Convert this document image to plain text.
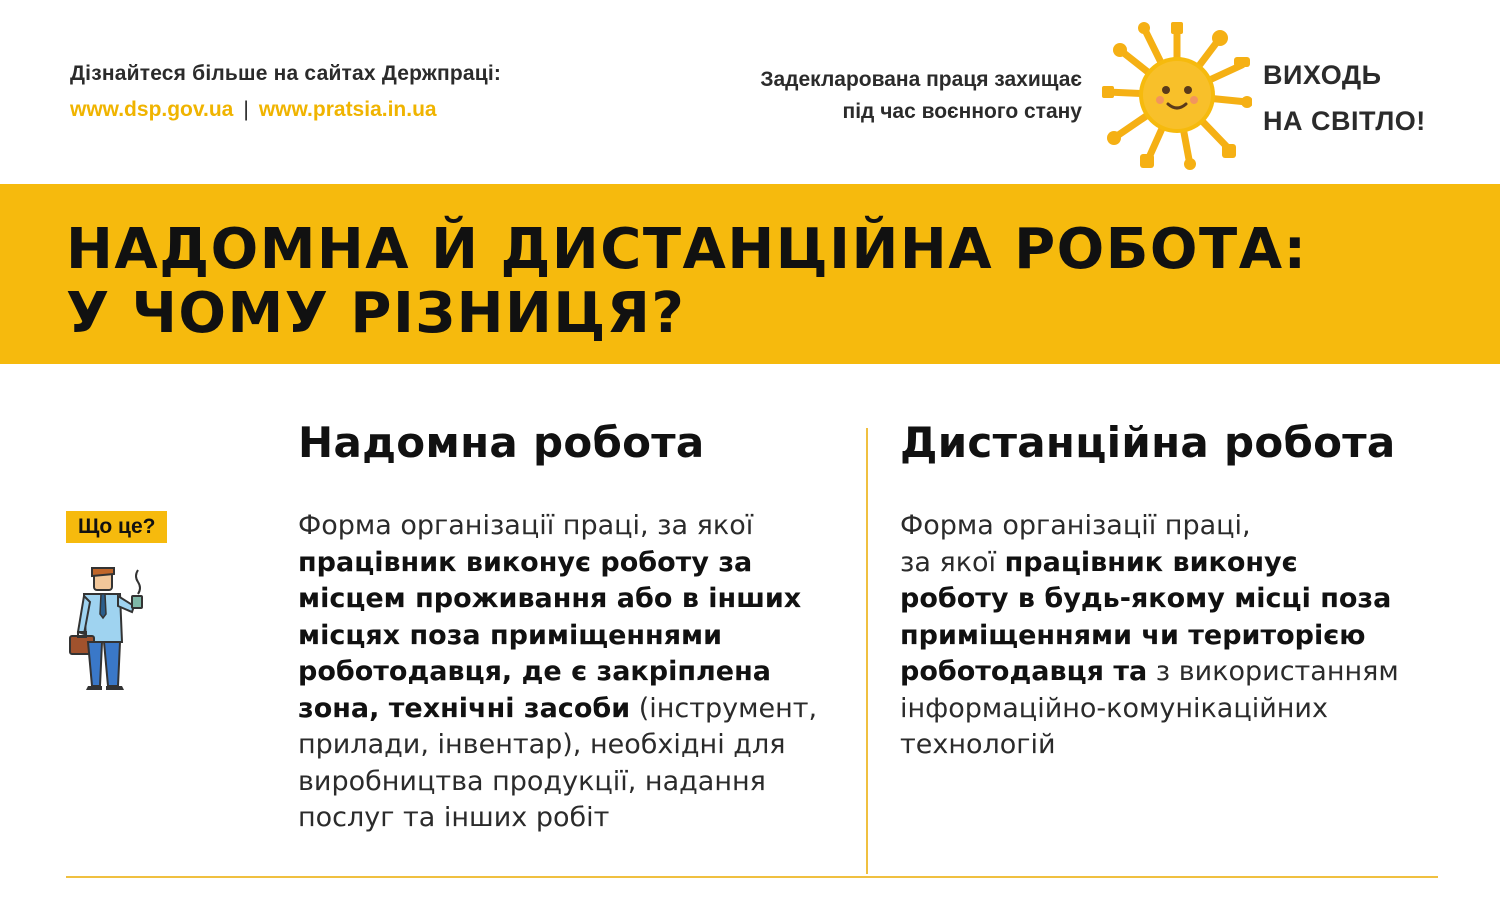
Дізнайтеся більше на сайтах Держпраці:
www.dsp.gov.ua | www.pratsia.in.ua
Задекларована праця захищає
під час воєнного стану
ВИХОДЬ
НА СВІТЛО!
НАДОМНА Й ДИСТАНЦІЙНА РОБОТА:
У ЧОМУ РІЗНИЦЯ?
Що це?
Надомна робота
Форма організації праці, за якої
працівник виконує роботу за
місцем проживання або в інших
місцях поза приміщеннями
роботодавця, де є закріплена
зона, технічні засоби (інструмент,
прилади, інвентар), необхідні для
виробництва продукції, надання
послуг та інших робіт
Дистанційна робота
Форма організації праці,
за якої працівник виконує
роботу в будь-якому місці поза
приміщеннями чи територією
роботодавця та з використанням
інформаційно-комунікаційних
технологій
